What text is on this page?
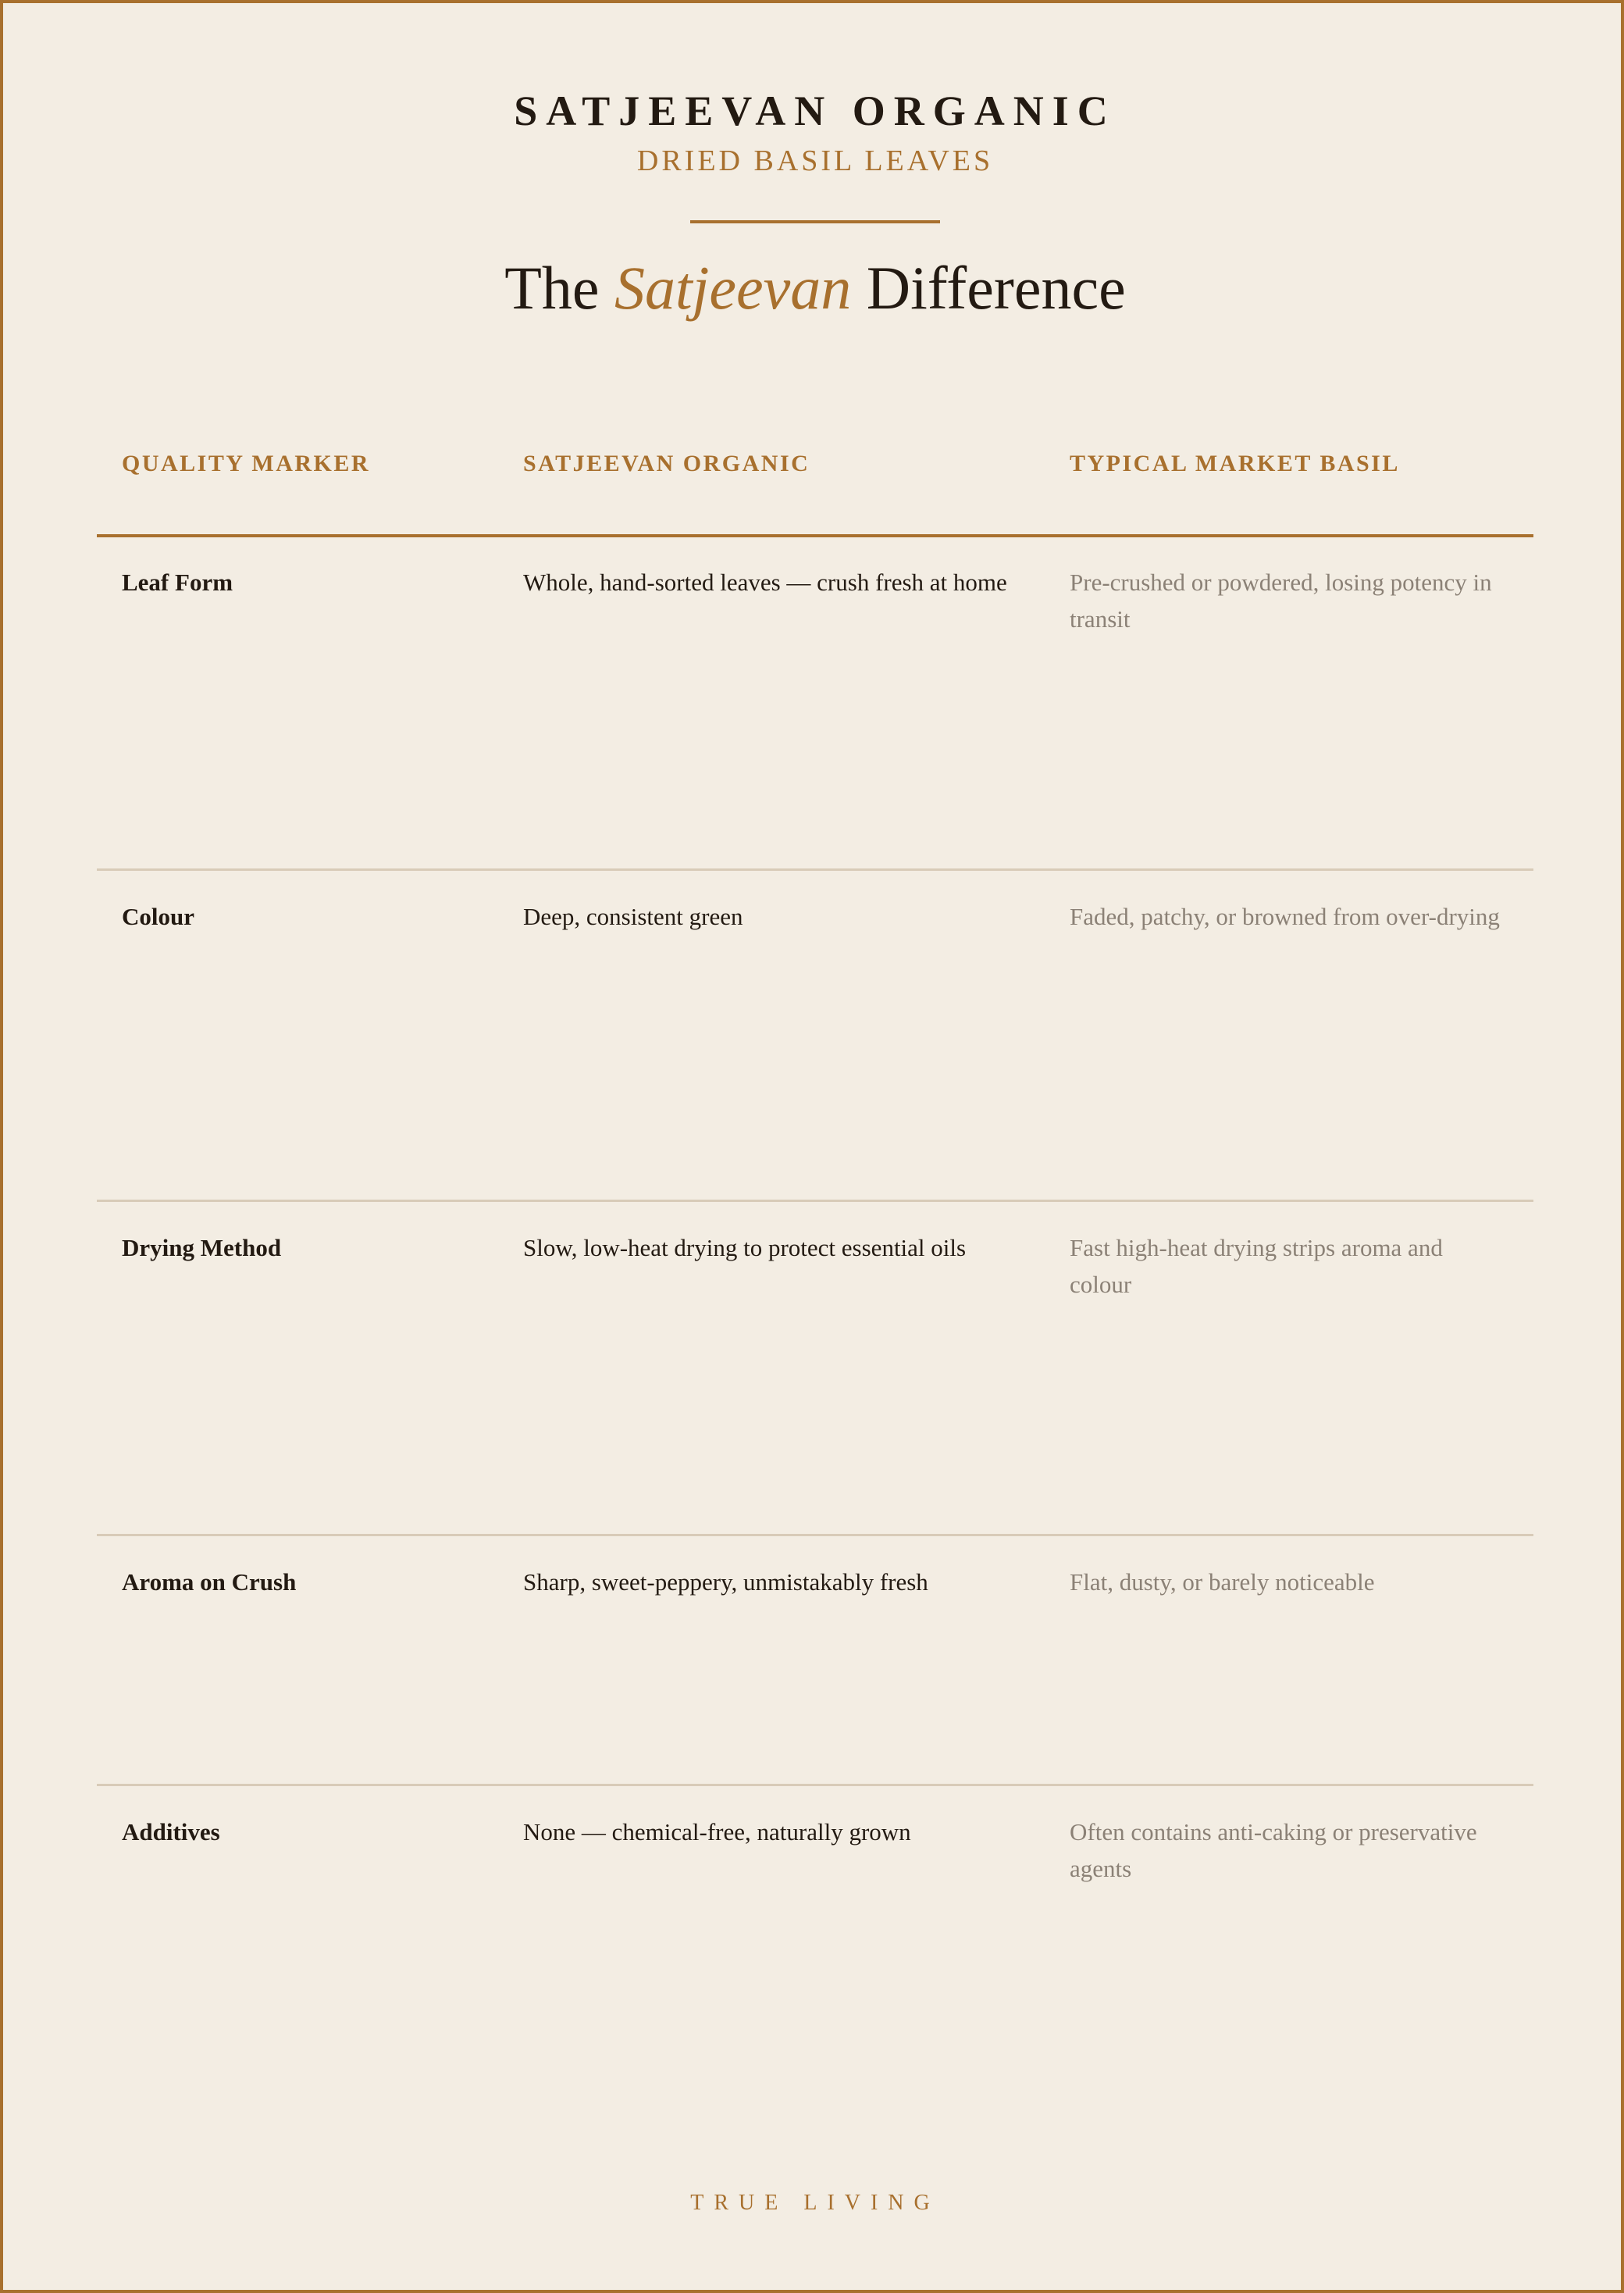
SATJEEVAN ORGANIC
DRIED BASIL LEAVES
The Satjeevan Difference
QUALITY MARKER	SATJEEVAN ORGANIC	TYPICAL MARKET BASIL
Leaf Form	Whole, hand-sorted leaves — crush fresh at home	Pre-crushed or powdered, losing potency in transit
Colour	Deep, consistent green	Faded, patchy, or browned from over-drying
Drying Method	Slow, low-heat drying to protect essential oils	Fast high-heat drying strips aroma and colour
Aroma on Crush	Sharp, sweet-peppery, unmistakably fresh	Flat, dusty, or barely noticeable
Additives	None — chemical-free, naturally grown	Often contains anti-caking or preservative agents
TRUE LIVING
